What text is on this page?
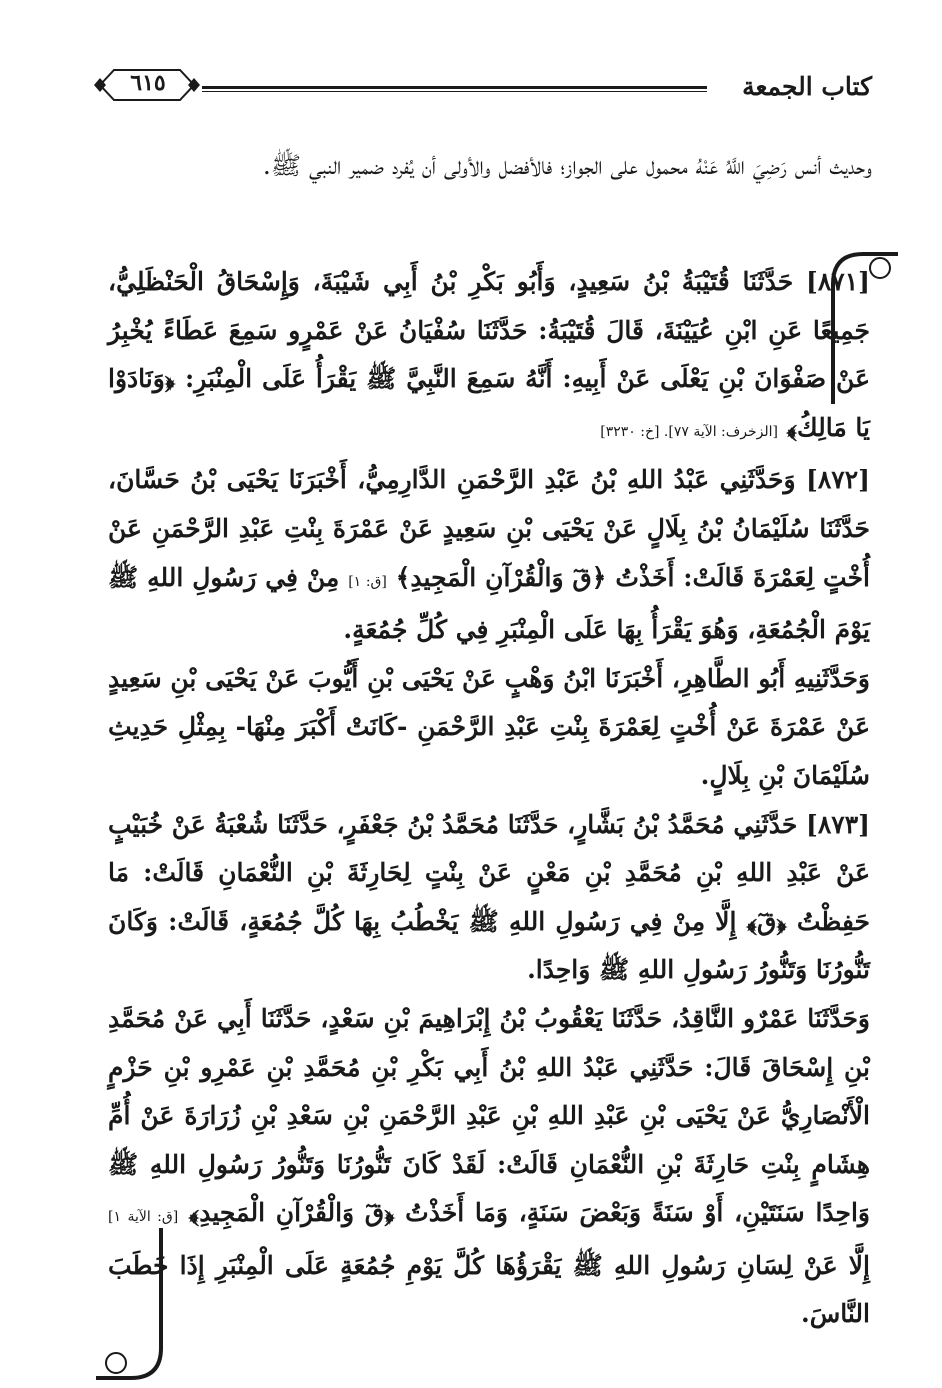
كتاب الجمعة
٦١٥
وحديث أنس رَضِيَ اللَّهُ عَنْهُ محمول على الجواز؛ فالأفضل والأولى أن يُفرد ضمير النبي ﷺ.

[٨٧١] حَدَّثَنَا قُتَيْبَةُ بْنُ سَعِيدٍ، وَأَبُو بَكْرِ بْنُ أَبِي شَيْبَةَ، وَإِسْحَاقُ الْحَنْظَلِيُّ، جَمِيعًا عَنِ ابْنِ عُيَيْنَةَ، قَالَ قُتَيْبَةُ: حَدَّثَنَا سُفْيَانُ عَنْ عَمْرٍو سَمِعَ عَطَاءً يُخْبِرُ عَنْ صَفْوَانَ بْنِ يَعْلَى عَنْ أَبِيهِ: أَنَّهُ سَمِعَ النَّبِيَّ ﷺ يَقْرَأُ عَلَى الْمِنْبَرِ: ﴿وَنَادَوْا يَا مَالِكُ﴾ [الزخرف: الآية ٧٧]. [خ: ٣٢٣٠]

[٨٧٢] وَحَدَّثَنِي عَبْدُ اللهِ بْنُ عَبْدِ الرَّحْمَنِ الدَّارِمِيُّ، أَخْبَرَنَا يَحْيَى بْنُ حَسَّانَ، حَدَّثَنَا سُلَيْمَانُ بْنُ بِلَالٍ عَنْ يَحْيَى بْنِ سَعِيدٍ عَنْ عَمْرَةَ بِنْتِ عَبْدِ الرَّحْمَنِ عَنْ أُخْتٍ لِعَمْرَةَ قَالَتْ: أَخَذْتُ ﴿قٓ وَالْقُرْآنِ الْمَجِيدِ﴾ [ق: ١] مِنْ فِي رَسُولِ اللهِ ﷺ يَوْمَ الْجُمُعَةِ، وَهُوَ يَقْرَأُ بِهَا عَلَى الْمِنْبَرِ فِي كُلِّ جُمُعَةٍ.

وَحَدَّثَنِيهِ أَبُو الطَّاهِرِ، أَخْبَرَنَا ابْنُ وَهْبٍ عَنْ يَحْيَى بْنِ أَيُّوبَ عَنْ يَحْيَى بْنِ سَعِيدٍ عَنْ عَمْرَةَ عَنْ أُخْتٍ لِعَمْرَةَ بِنْتِ عَبْدِ الرَّحْمَنِ -كَانَتْ أَكْبَرَ مِنْهَا- بِمِثْلِ حَدِيثِ سُلَيْمَانَ بْنِ بِلَالٍ.

[٨٧٣] حَدَّثَنِي مُحَمَّدُ بْنُ بَشَّارٍ، حَدَّثَنَا مُحَمَّدُ بْنُ جَعْفَرٍ، حَدَّثَنَا شُعْبَةُ عَنْ خُبَيْبٍ عَنْ عَبْدِ اللهِ بْنِ مُحَمَّدِ بْنِ مَعْنٍ عَنْ بِنْتٍ لِحَارِثَةَ بْنِ النُّعْمَانِ قَالَتْ: مَا حَفِظْتُ ﴿قٓ﴾ إِلَّا مِنْ فِي رَسُولِ اللهِ ﷺ يَخْطُبُ بِهَا كُلَّ جُمُعَةٍ، قَالَتْ: وَكَانَ تَنُّورُنَا وَتَنُّورُ رَسُولِ اللهِ ﷺ وَاحِدًا.

وَحَدَّثَنَا عَمْرٌو النَّاقِدُ، حَدَّثَنَا يَعْقُوبُ بْنُ إِبْرَاهِيمَ بْنِ سَعْدٍ، حَدَّثَنَا أَبِي عَنْ مُحَمَّدِ بْنِ إِسْحَاقَ قَالَ: حَدَّثَنِي عَبْدُ اللهِ بْنُ أَبِي بَكْرِ بْنِ مُحَمَّدِ بْنِ عَمْرِو بْنِ حَزْمٍ الْأَنْصَارِيُّ عَنْ يَحْيَى بْنِ عَبْدِ اللهِ بْنِ عَبْدِ الرَّحْمَنِ بْنِ سَعْدِ بْنِ زُرَارَةَ عَنْ أُمِّ هِشَامٍ بِنْتِ حَارِثَةَ بْنِ النُّعْمَانِ قَالَتْ: لَقَدْ كَانَ تَنُّورُنَا وَتَنُّورُ رَسُولِ اللهِ ﷺ وَاحِدًا سَنَتَيْنِ، أَوْ سَنَةً وَبَعْضَ سَنَةٍ، وَمَا أَخَذْتُ ﴿قٓ وَالْقُرْآنِ الْمَجِيدِ﴾ [ق: الآية ١] إِلَّا عَنْ لِسَانِ رَسُولِ اللهِ ﷺ يَقْرَؤُهَا كُلَّ يَوْمِ جُمُعَةٍ عَلَى الْمِنْبَرِ إِذَا خَطَبَ النَّاسَ.
